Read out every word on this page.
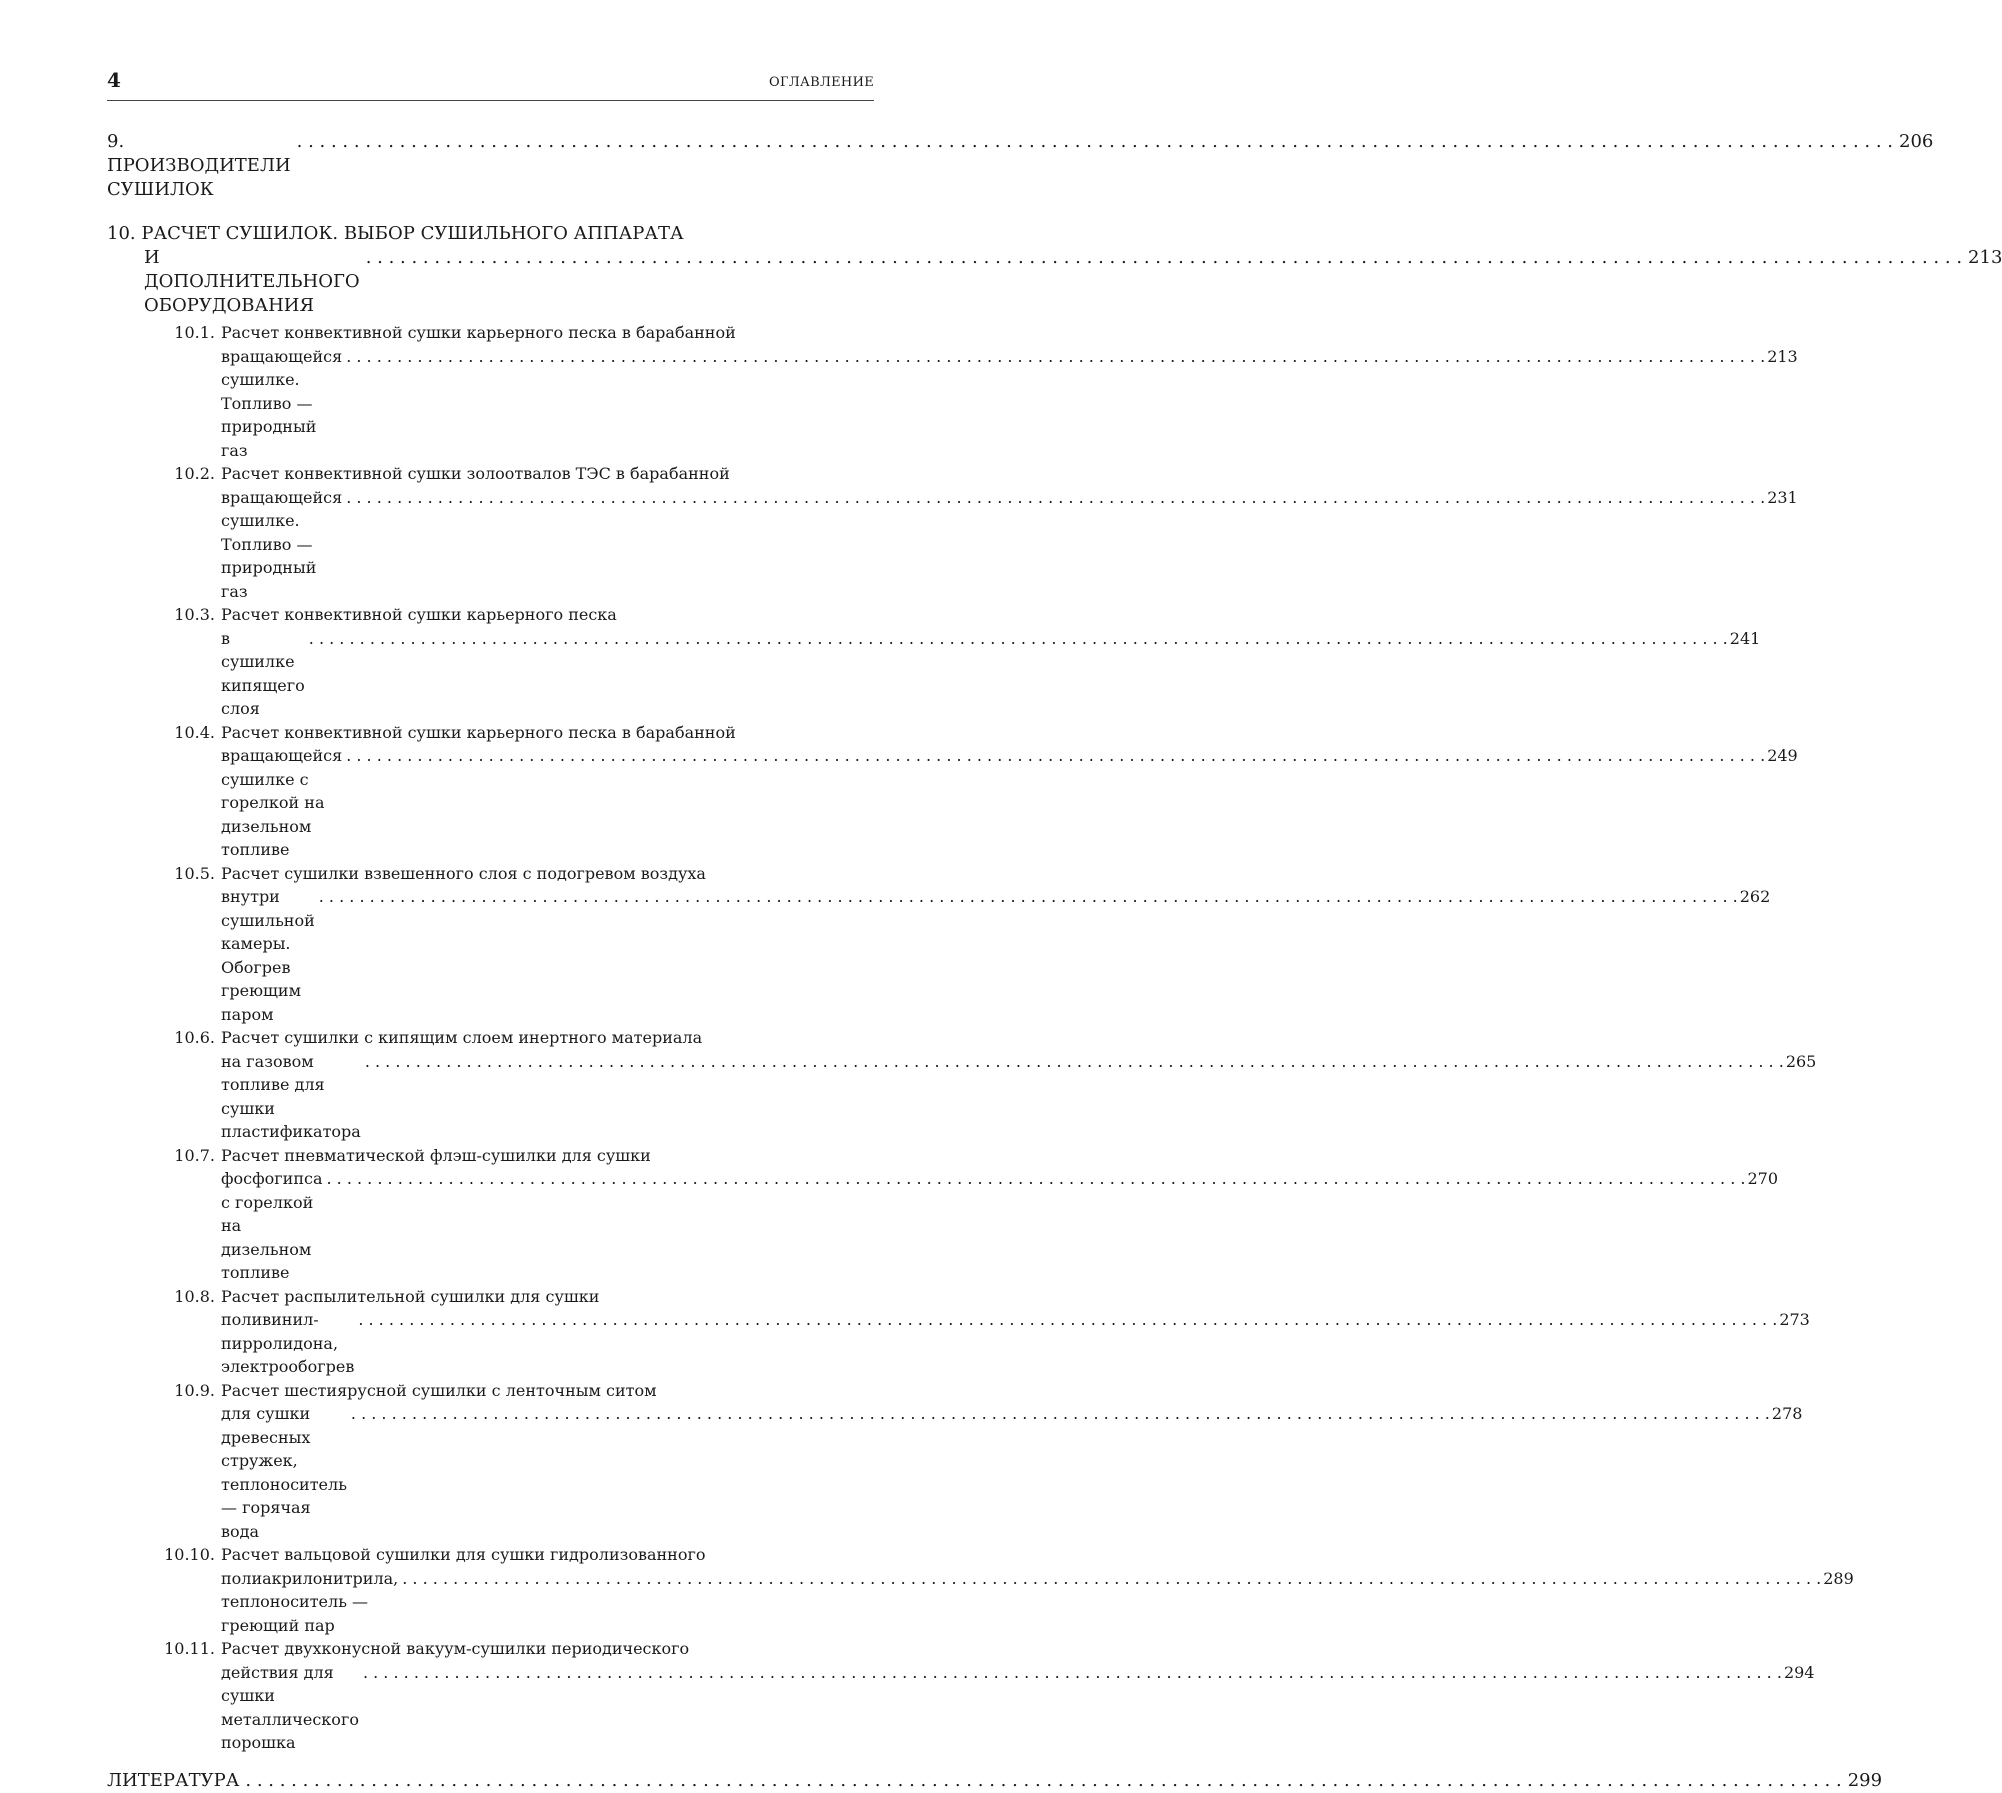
4	ОГЛАВЛЕНИЕ
9. ПРОИЗВОДИТЕЛИ СУШИЛОК
. . .
206
10. РАСЧЕТ СУШИЛОК. ВЫБОР СУШИЛЬНОГО АППАРАТА
И ДОПОЛНИТЕЛЬНОГО ОБОРУДОВАНИЯ
. . .
213
10.1. Расчет конвективной сушки карьерного песка в барабанной
вращающейся сушилке. Топливо — природный газ
. . .
213
10.2. Расчет конвективной сушки золоотвалов ТЭС в барабанной
вращающейся сушилке. Топливо — природный газ
. . .
231
10.3. Расчет конвективной сушки карьерного песка
в сушилке кипящего слоя
. . .
241
10.4. Расчет конвективной сушки карьерного песка в барабанной
вращающейся сушилке с горелкой на дизельном топливе
. . .
249
10.5. Расчет сушилки взвешенного слоя с подогревом воздуха
внутри сушильной камеры. Обогрев греющим паром
. . .
262
10.6. Расчет сушилки с кипящим слоем инертного материала
на газовом топливе для сушки пластификатора
. . .
265
10.7. Расчет пневматической флэш-сушилки для сушки
фосфогипса с горелкой на дизельном топливе
. . .
270
10.8. Расчет распылительной сушилки для сушки
поливинил-пирролидона, электрообогрев
. . .
273
10.9. Расчет шестиярусной сушилки с ленточным ситом
для сушки древесных стружек, теплоноситель — горячая вода
. . .
278
10.10. Расчет вальцовой сушилки для сушки гидролизованного
полиакрилонитрила, теплоноситель — греющий пар
. . .
289
10.11. Расчет двухконусной вакуум-сушилки периодического
действия для сушки металлического порошка
. . .
294
ЛИТЕРАТУРА
. . .	299
